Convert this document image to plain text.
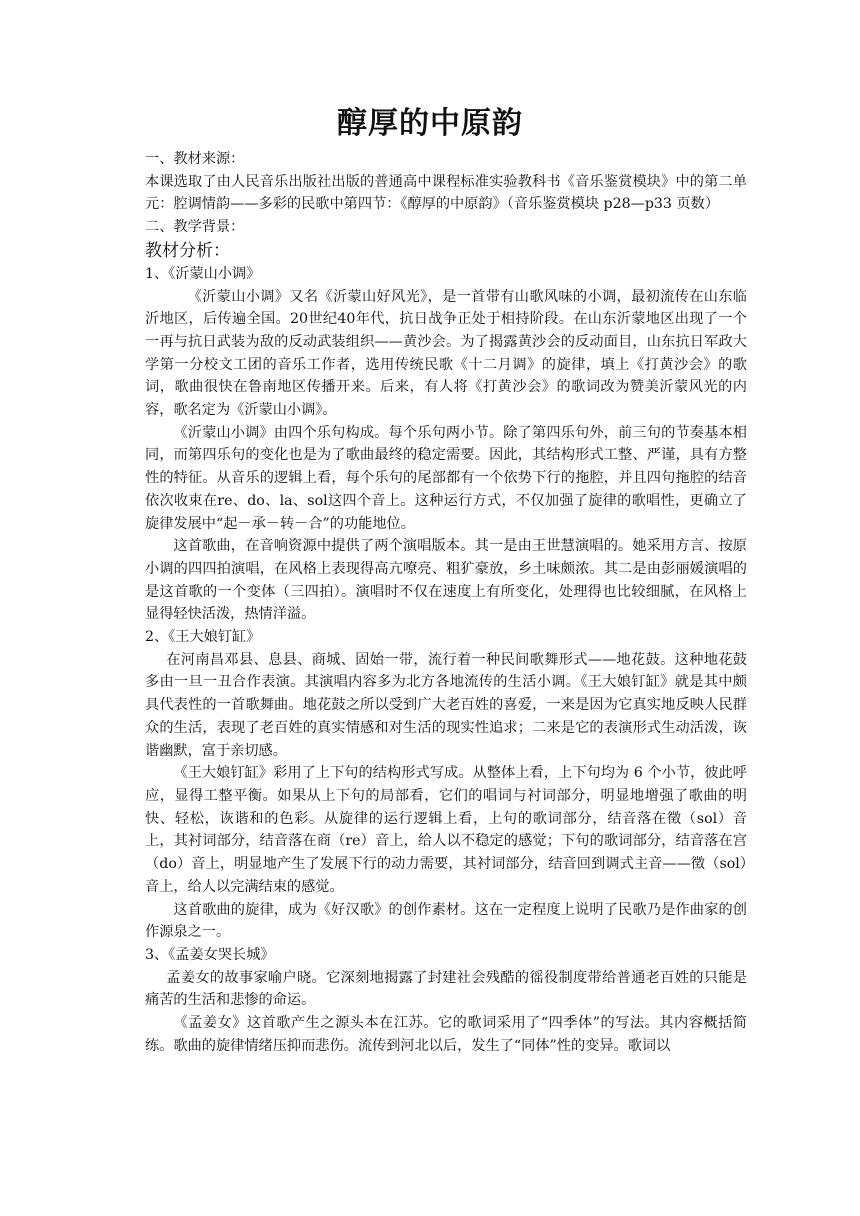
醇厚的中原韵

一、教材来源：

本课选取了由人民音乐出版社出版的普通高中课程标准实验教科书《音乐鉴赏模块》中的第二单元：腔调情韵——多彩的民歌中第四节：《醇厚的中原韵》（音乐鉴赏模块 p28—p33 页数）

二、教学背景：

教材分析：

1、《沂蒙山小调》

《沂蒙山小调》又名《沂蒙山好风光》，是一首带有山歌风味的小调，最初流传在山东临沂地区，后传遍全国。20世纪40年代，抗日战争正处于相持阶段。在山东沂蒙地区出现了一个一再与抗日武装为敌的反动武装组织——黄沙会。为了揭露黄沙会的反动面目，山东抗日军政大学第一分校文工团的音乐工作者，选用传统民歌《十二月调》的旋律，填上《打黄沙会》的歌词，歌曲很快在鲁南地区传播开来。后来，有人将《打黄沙会》的歌词改为赞美沂蒙风光的内容，歌名定为《沂蒙山小调》。

《沂蒙山小调》由四个乐句构成。每个乐句两小节。除了第四乐句外，前三句的节奏基本相同，而第四乐句的变化也是为了歌曲最终的稳定需要。因此，其结构形式工整、严谨，具有方整性的特征。从音乐的逻辑上看，每个乐句的尾部都有一个依势下行的拖腔，并且四句拖腔的结音依次收束在re、do、la、sol这四个音上。这种运行方式，不仅加强了旋律的歌唱性，更确立了旋律发展中“起－承－转－合”的功能地位。

这首歌曲，在音响资源中提供了两个演唱版本。其一是由王世慧演唱的。她采用方言、按原小调的四四拍演唱，在风格上表现得高亢嘹亮、粗犷豪放，乡土味颇浓。其二是由彭丽媛演唱的是这首歌的一个变体（三四拍）。演唱时不仅在速度上有所变化，处理得也比较细腻，在风格上显得轻快活泼，热情洋溢。

2、《王大娘钉缸》

在河南昌邓县、息县、商城、固始一带，流行着一种民间歌舞形式——地花鼓。这种地花鼓多由一旦一丑合作表演。其演唱内容多为北方各地流传的生活小调。《王大娘钉缸》就是其中颇具代表性的一首歌舞曲。地花鼓之所以受到广大老百姓的喜爱，一来是因为它真实地反映人民群众的生活，表现了老百姓的真实情感和对生活的现实性追求；二来是它的表演形式生动活泼，诙谐幽默，富于亲切感。

《王大娘钉缸》彩用了上下句的结构形式写成。从整体上看，上下句均为 6 个小节，彼此呼应，显得工整平衡。如果从上下句的局部看，它们的唱词与衬词部分，明显地增强了歌曲的明快、轻松，诙谐和的色彩。从旋律的运行逻辑上看，上句的歌词部分，结音落在徵（sol）音上，其衬词部分，结音落在商（re）音上，给人以不稳定的感觉；下句的歌词部分，结音落在宫（do）音上，明显地产生了发展下行的动力需要，其衬词部分，结音回到调式主音——徵（sol）音上，给人以完满结束的感觉。

这首歌曲的旋律，成为《好汉歌》的创作素材。这在一定程度上说明了民歌乃是作曲家的创作源泉之一。

3、《孟姜女哭长城》

孟姜女的故事家喻户晓。它深刻地揭露了封建社会残酷的徭役制度带给普通老百姓的只能是痛苦的生活和悲惨的命运。

《孟姜女》这首歌产生之源头本在江苏。它的歌词采用了“四季体”的写法。其内容概括简练。歌曲的旋律情绪压抑而悲伤。流传到河北以后，发生了“同体”性的变异。歌词以
